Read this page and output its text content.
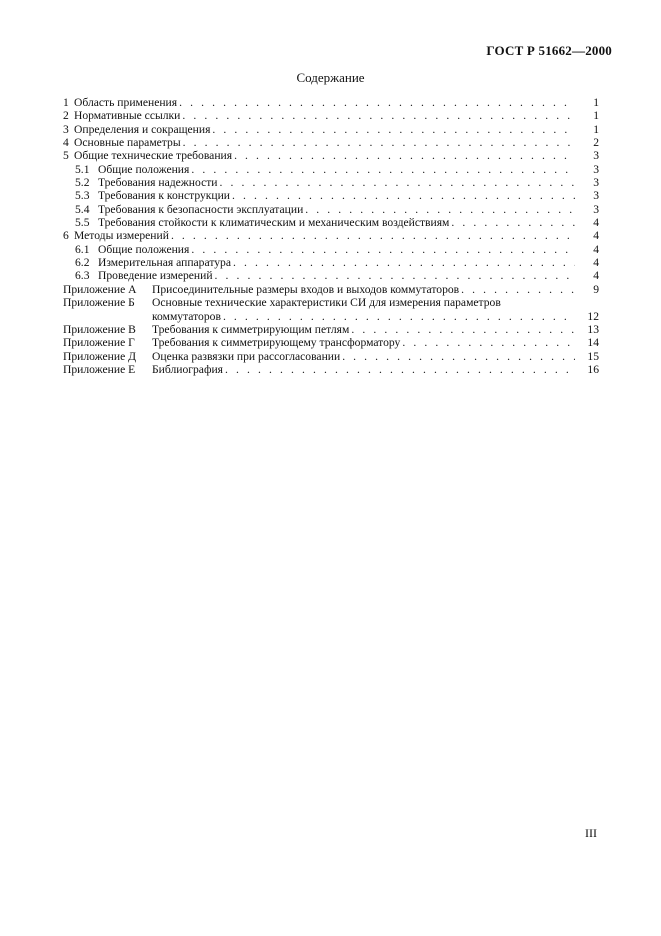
ГОСТ Р 51662—2000
Содержание
1 Область применения . . .	1
2 Нормативные ссылки . . .	1
3 Определения и сокращения . . .	1
4 Основные параметры . . .	2
5 Общие технические требования . . .	3
5.1 Общие положения . . .	3
5.2 Требования надежности . . .	3
5.3 Требования к конструкции . . .	3
5.4 Требования к безопасности эксплуатации . . .	3
5.5 Требования стойкости к климатическим и механическим воздействиям . . .	4
6 Методы измерений . . .	4
6.1 Общие положения . . .	4
6.2 Измерительная аппаратура . . .	4
6.3 Проведение измерений . . .	4
Приложение А	Присоединительные размеры входов и выходов коммутаторов . . .	9
Приложение Б	Основные технические характеристики СИ для измерения параметров
коммутаторов . . .	12
Приложение В	Требования к симметрирующим петлям . . .	13
Приложение Г	Требования к симметрирующему трансформатору . . .	14
Приложение Д	Оценка развязки при рассогласовании . . .	15
Приложение Е	Библиография . . .	16
III
